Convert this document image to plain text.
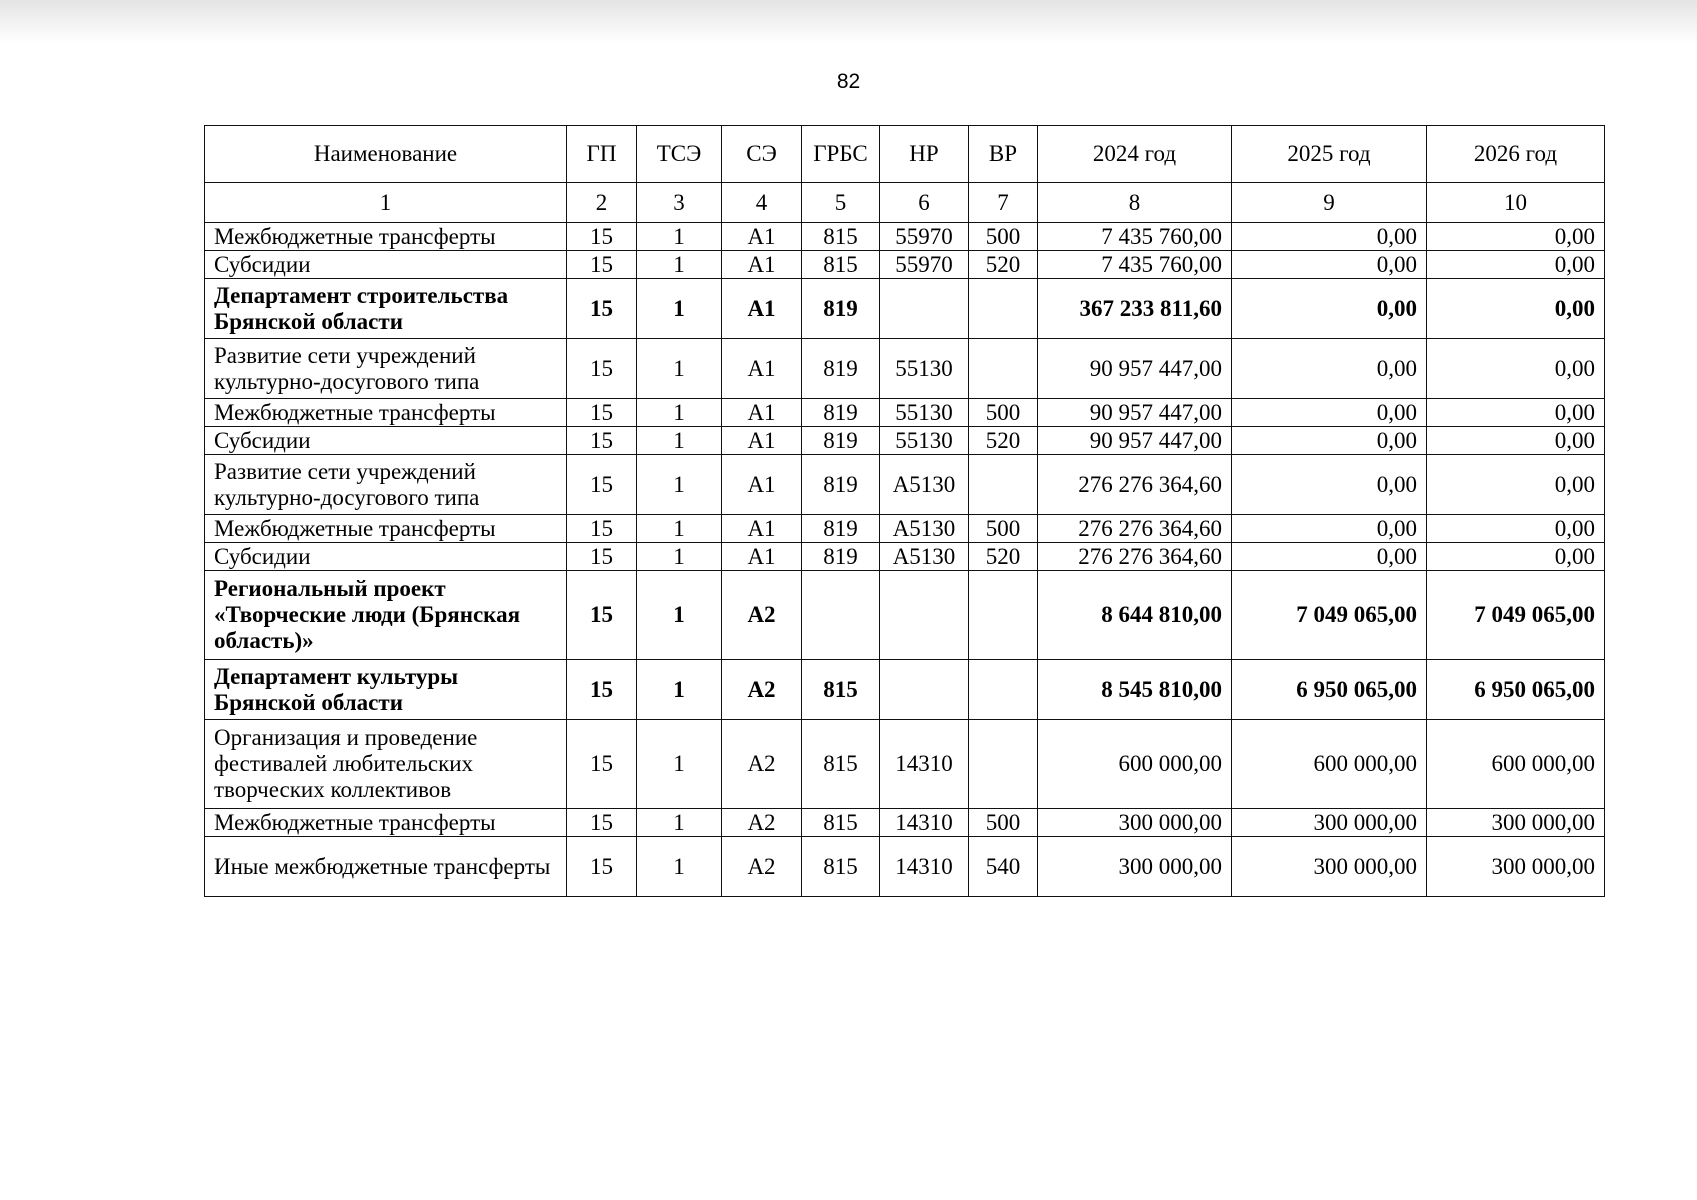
82
Наименование	ГП	ТСЭ	СЭ	ГРБС	НР	ВР	2024 год	2025 год	2026 год
1	2	3	4	5	6	7	8	9	10
Межбюджетные трансферты	15	1	А1	815	55970	500	7 435 760,00	0,00	0,00
Субсидии	15	1	А1	815	55970	520	7 435 760,00	0,00	0,00
Департамент строительства Брянской области	15	1	А1	819			367 233 811,60	0,00	0,00
Развитие сети учреждений культурно-досугового типа	15	1	А1	819	55130		90 957 447,00	0,00	0,00
Межбюджетные трансферты	15	1	А1	819	55130	500	90 957 447,00	0,00	0,00
Субсидии	15	1	А1	819	55130	520	90 957 447,00	0,00	0,00
Развитие сети учреждений культурно-досугового типа	15	1	А1	819	А5130		276 276 364,60	0,00	0,00
Межбюджетные трансферты	15	1	А1	819	А5130	500	276 276 364,60	0,00	0,00
Субсидии	15	1	А1	819	А5130	520	276 276 364,60	0,00	0,00
Региональный проект «Творческие люди (Брянская область)»	15	1	А2				8 644 810,00	7 049 065,00	7 049 065,00
Департамент культуры Брянской области	15	1	А2	815			8 545 810,00	6 950 065,00	6 950 065,00
Организация и проведение фестивалей любительских творческих коллективов	15	1	А2	815	14310		600 000,00	600 000,00	600 000,00
Межбюджетные трансферты	15	1	А2	815	14310	500	300 000,00	300 000,00	300 000,00
Иные межбюджетные трансферты	15	1	А2	815	14310	540	300 000,00	300 000,00	300 000,00
